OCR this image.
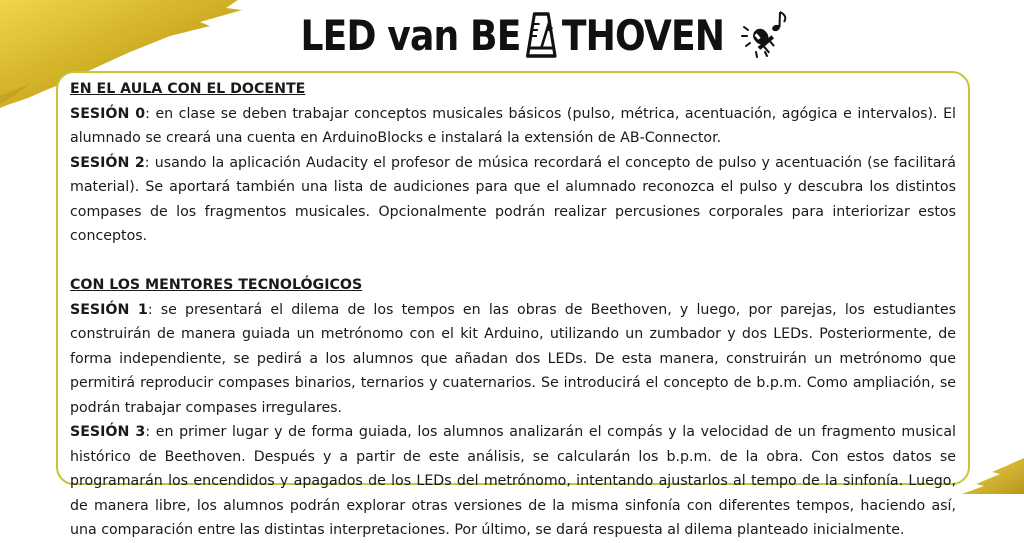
LED van BE THOVEN
EN EL AULA CON EL DOCENTE

SESIÓN 0: en clase se deben trabajar conceptos musicales básicos (pulso, métrica, acentuación, agógica e intervalos). El alumnado se creará una cuenta en ArduinoBlocks e instalará la extensión de AB-Connector.

SESIÓN 2: usando la aplicación Audacity el profesor de música recordará el concepto de pulso y acentuación (se facilitará material). Se aportará también una lista de audiciones para que el alumnado reconozca el pulso y descubra los distintos compases de los fragmentos musicales. Opcionalmente podrán realizar percusiones corporales para interiorizar estos conceptos.

CON LOS MENTORES TECNOLÓGICOS

SESIÓN 1: se presentará el dilema de los tempos en las obras de Beethoven, y luego, por parejas, los estudiantes construirán de manera guiada un metrónomo con el kit Arduino, utilizando un zumbador y dos LEDs. Posteriormente, de forma independiente, se pedirá a los alumnos que añadan dos LEDs. De esta manera, construirán un metrónomo que permitirá reproducir compases binarios, ternarios y cuaternarios. Se introducirá el concepto de b.p.m. Como ampliación, se podrán trabajar compases irregulares.

SESIÓN 3: en primer lugar y de forma guiada, los alumnos analizarán el compás y la velocidad de un fragmento musical histórico de Beethoven. Después y a partir de este análisis, se calcularán los b.p.m. de la obra. Con estos datos se programarán los encendidos y apagados de los LEDs del metrónomo, intentando ajustarlos al tempo de la sinfonía. Luego, de manera libre, los alumnos podrán explorar otras versiones de la misma sinfonía con diferentes tempos, haciendo así, una comparación entre las distintas interpretaciones. Por último, se dará respuesta al dilema planteado inicialmente.
